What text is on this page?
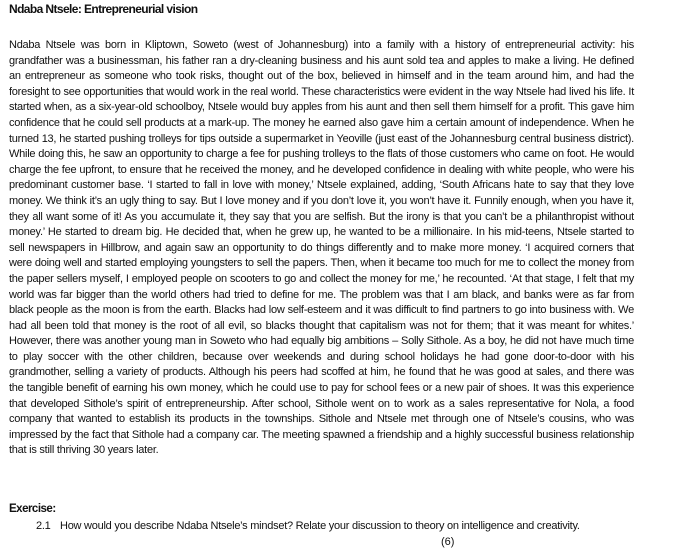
Ndaba Ntsele: Entrepreneurial vision

Ndaba Ntsele was born in Kliptown, Soweto (west of Johannesburg) into a family with a history of entrepreneurial activity: his grandfather was a businessman, his father ran a dry-cleaning business and his aunt sold tea and apples to make a living. He defined an entrepreneur as someone who took risks, thought out of the box, believed in himself and in the team around him, and had the foresight to see opportunities that would work in the real world. These characteristics were evident in the way Ntsele had lived his life. It started when, as a six-year-old schoolboy, Ntsele would buy apples from his aunt and then sell them himself for a profit. This gave him confidence that he could sell products at a mark-up. The money he earned also gave him a certain amount of independence. When he turned 13, he started pushing trolleys for tips outside a supermarket in Yeoville (just east of the Johannesburg central business district). While doing this, he saw an opportunity to charge a fee for pushing trolleys to the flats of those customers who came on foot. He would charge the fee upfront, to ensure that he received the money, and he developed confidence in dealing with white people, who were his predominant customer base. ‘I started to fall in love with money,’ Ntsele explained, adding, ‘South Africans hate to say that they love money. We think it’s an ugly thing to say. But I love money and if you don’t love it, you won’t have it. Funnily enough, when you have it, they all want some of it! As you accumulate it, they say that you are selfish. But the irony is that you can’t be a philanthropist without money.’ He started to dream big. He decided that, when he grew up, he wanted to be a millionaire. In his mid-teens, Ntsele started to sell newspapers in Hillbrow, and again saw an opportunity to do things differently and to make more money. ‘I acquired corners that were doing well and started employing youngsters to sell the papers. Then, when it became too much for me to collect the money from the paper sellers myself, I employed people on scooters to go and collect the money for me,’ he recounted. ‘At that stage, I felt that my world was far bigger than the world others had tried to define for me. The problem was that I am black, and banks were as far from black people as the moon is from the earth. Blacks had low self-esteem and it was difficult to find partners to go into business with. We had all been told that money is the root of all evil, so blacks thought that capitalism was not for them; that it was meant for whites.’ However, there was another young man in Soweto who had equally big ambitions – Solly Sithole. As a boy, he did not have much time to play soccer with the other children, because over weekends and during school holidays he had gone door-to-door with his grandmother, selling a variety of products. Although his peers had scoffed at him, he found that he was good at sales, and there was the tangible benefit of earning his own money, which he could use to pay for school fees or a new pair of shoes. It was this experience that developed Sithole’s spirit of entrepreneurship. After school, Sithole went on to work as a sales representative for Nola, a food company that wanted to establish its products in the townships. Sithole and Ntsele met through one of Ntsele’s cousins, who was impressed by the fact that Sithole had a company car. The meeting spawned a friendship and a highly successful business relationship that is still thriving 30 years later.

Exercise:
2.1 How would you describe Ndaba Ntsele’s mindset? Relate your discussion to theory on intelligence and creativity.
(6)
